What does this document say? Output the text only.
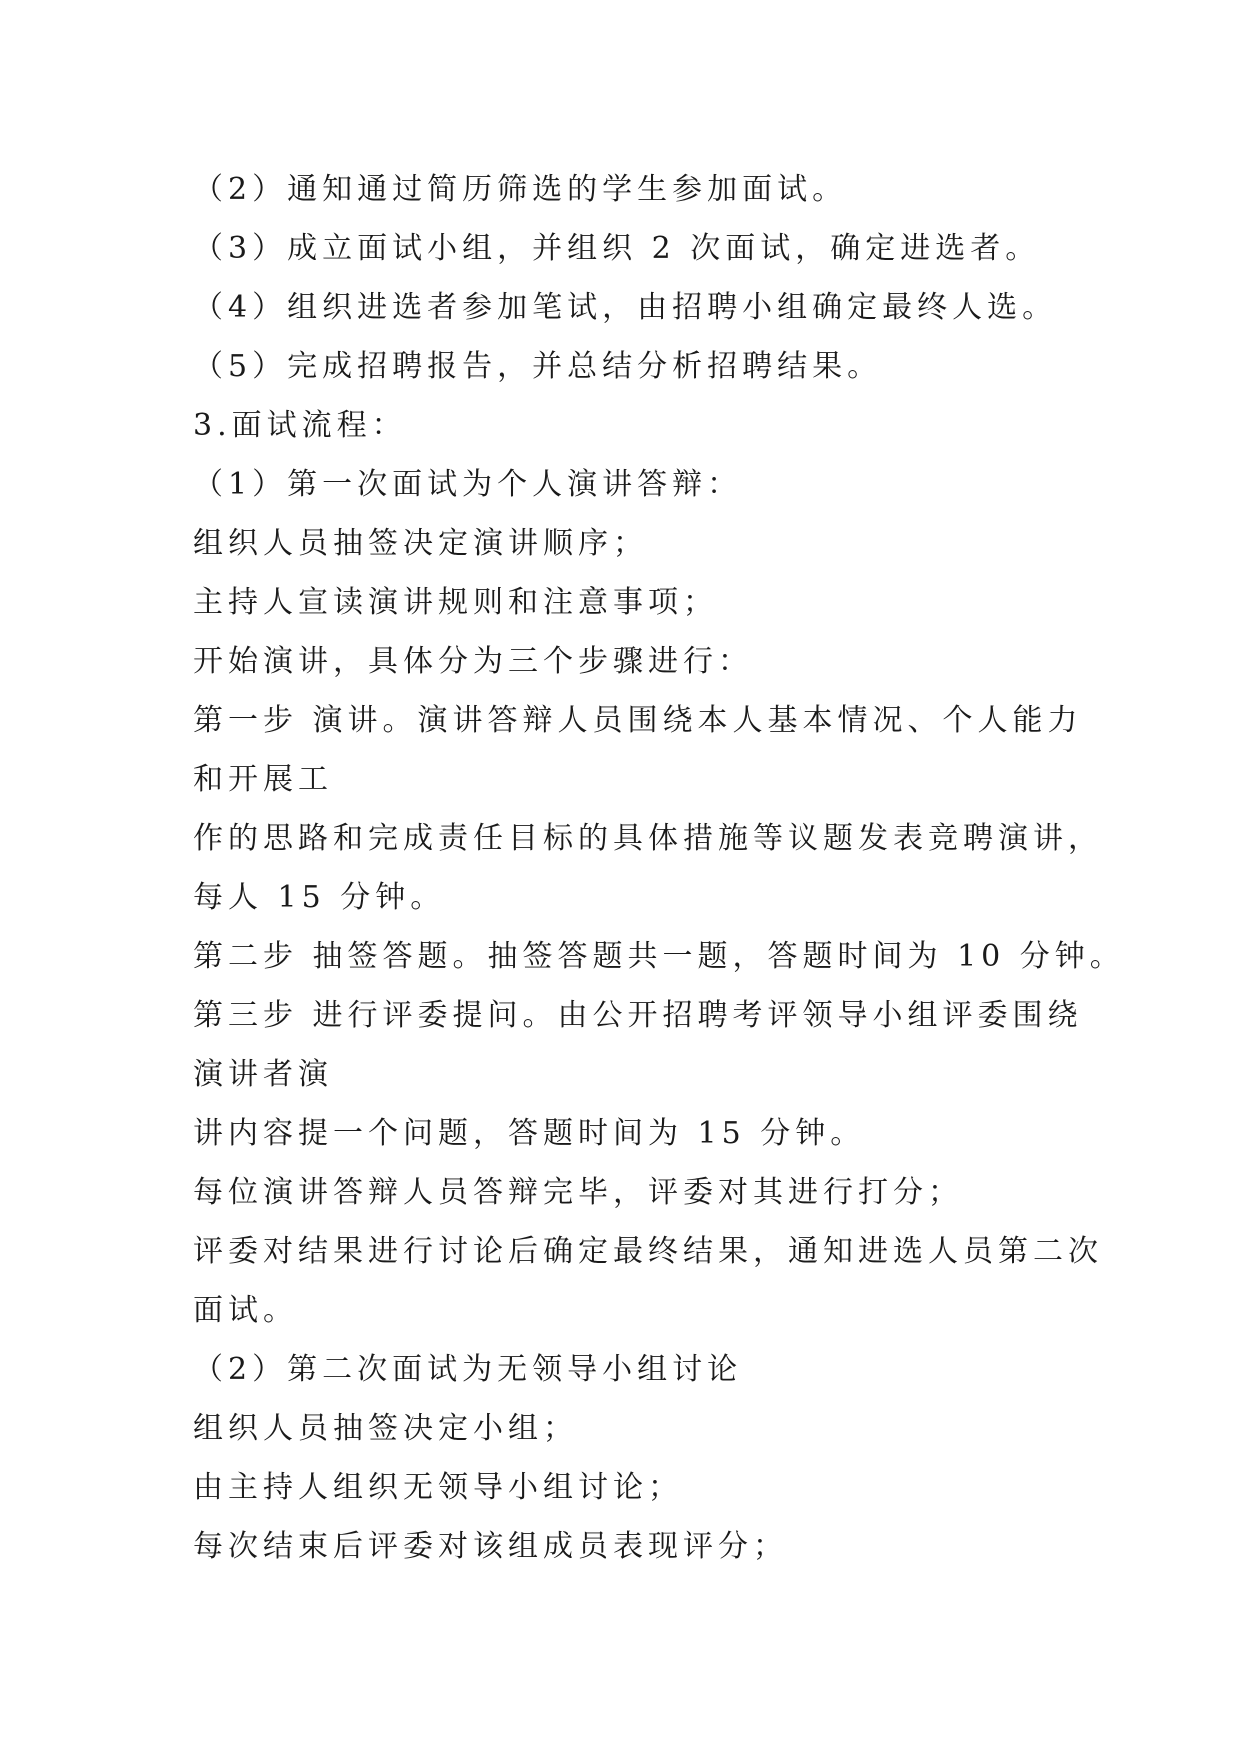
（2）通知通过简历筛选的学生参加面试。
（3）成立面试小组，并组织 2 次面试，确定进选者。
（4）组织进选者参加笔试，由招聘小组确定最终人选。
（5）完成招聘报告，并总结分析招聘结果。
3.面试流程：
（1）第一次面试为个人演讲答辩：
组织人员抽签决定演讲顺序；
主持人宣读演讲规则和注意事项；
开始演讲，具体分为三个步骤进行：
第一步 演讲。演讲答辩人员围绕本人基本情况、个人能力
和开展工
作的思路和完成责任目标的具体措施等议题发表竞聘演讲，
每人 15 分钟。
第二步 抽签答题。抽签答题共一题，答题时间为 10 分钟。
第三步 进行评委提问。由公开招聘考评领导小组评委围绕
演讲者演
讲内容提一个问题，答题时间为 15 分钟。
每位演讲答辩人员答辩完毕，评委对其进行打分；
评委对结果进行讨论后确定最终结果，通知进选人员第二次
面试。
（2）第二次面试为无领导小组讨论
组织人员抽签决定小组；
由主持人组织无领导小组讨论；
每次结束后评委对该组成员表现评分；
